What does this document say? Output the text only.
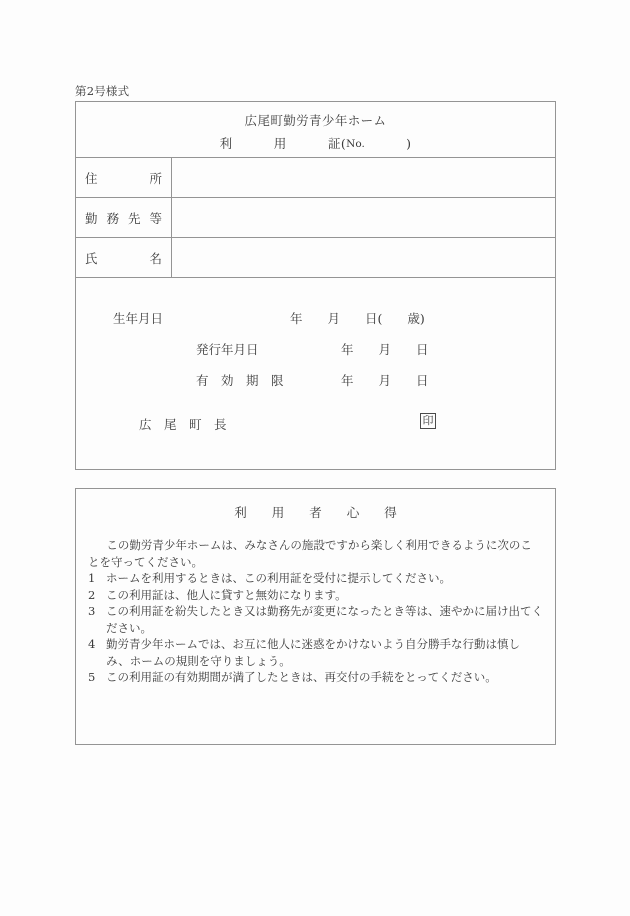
第2号様式
広尾町勤労青少年ホーム
利	用	証(No.	)
住	所
勤 務 先 等
氏	名
生年月日	年　　月　　日(　　歳)
発行年月日	年　　月　　日
有　効　期　限	年　　月　　日
広　尾　町　長	印
利　　用　　者　　心　　得

この勤労青少年ホームは、みなさんの施設ですから楽しく利用できるように次のことを守ってください。

1 ホームを利用するときは、この利用証を受付に提示してください。
2 この利用証は、他人に貸すと無効になります。
3 この利用証を紛失したとき又は勤務先が変更になったとき等は、速やかに届け出てください。
4 勤労青少年ホームでは、お互に他人に迷惑をかけないよう自分勝手な行動は慎しみ、ホームの規則を守りましょう。
5 この利用証の有効期間が満了したときは、再交付の手続をとってください。
